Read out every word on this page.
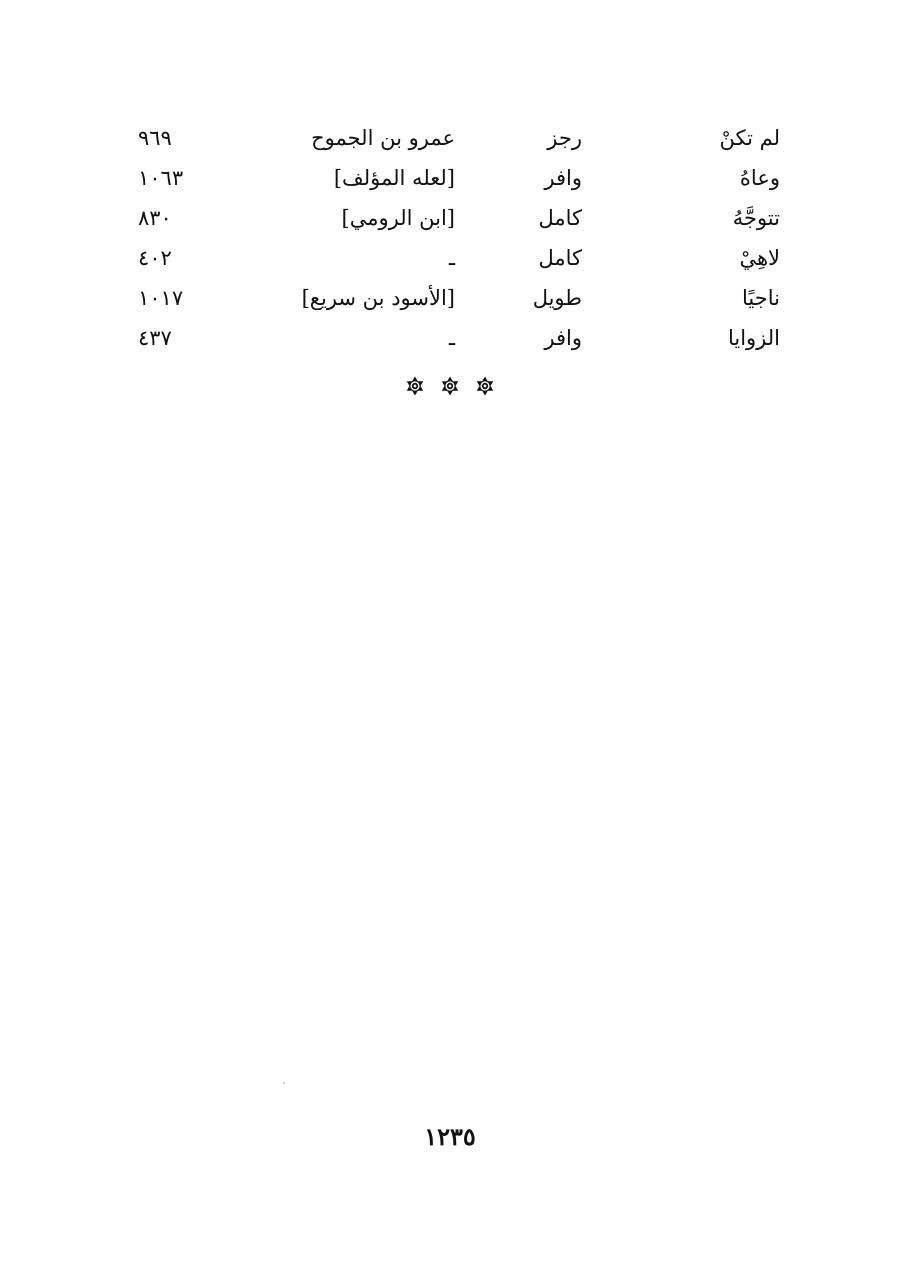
لم تكنْ
رجز
عمرو بن الجموح
٩٦٩
وعاهُ
وافر
[لعله المؤلف]
١٠٦٣
تتوجَّهُ
كامل
[ابن الرومي]
٨٣٠
لاهِيْ
كامل
ـ
٤٠٢
ناجيًا
طويل
[الأسود بن سريع]
١٠١٧
الزوايا
وافر
ـ
٤٣٧

١٢٣٥
